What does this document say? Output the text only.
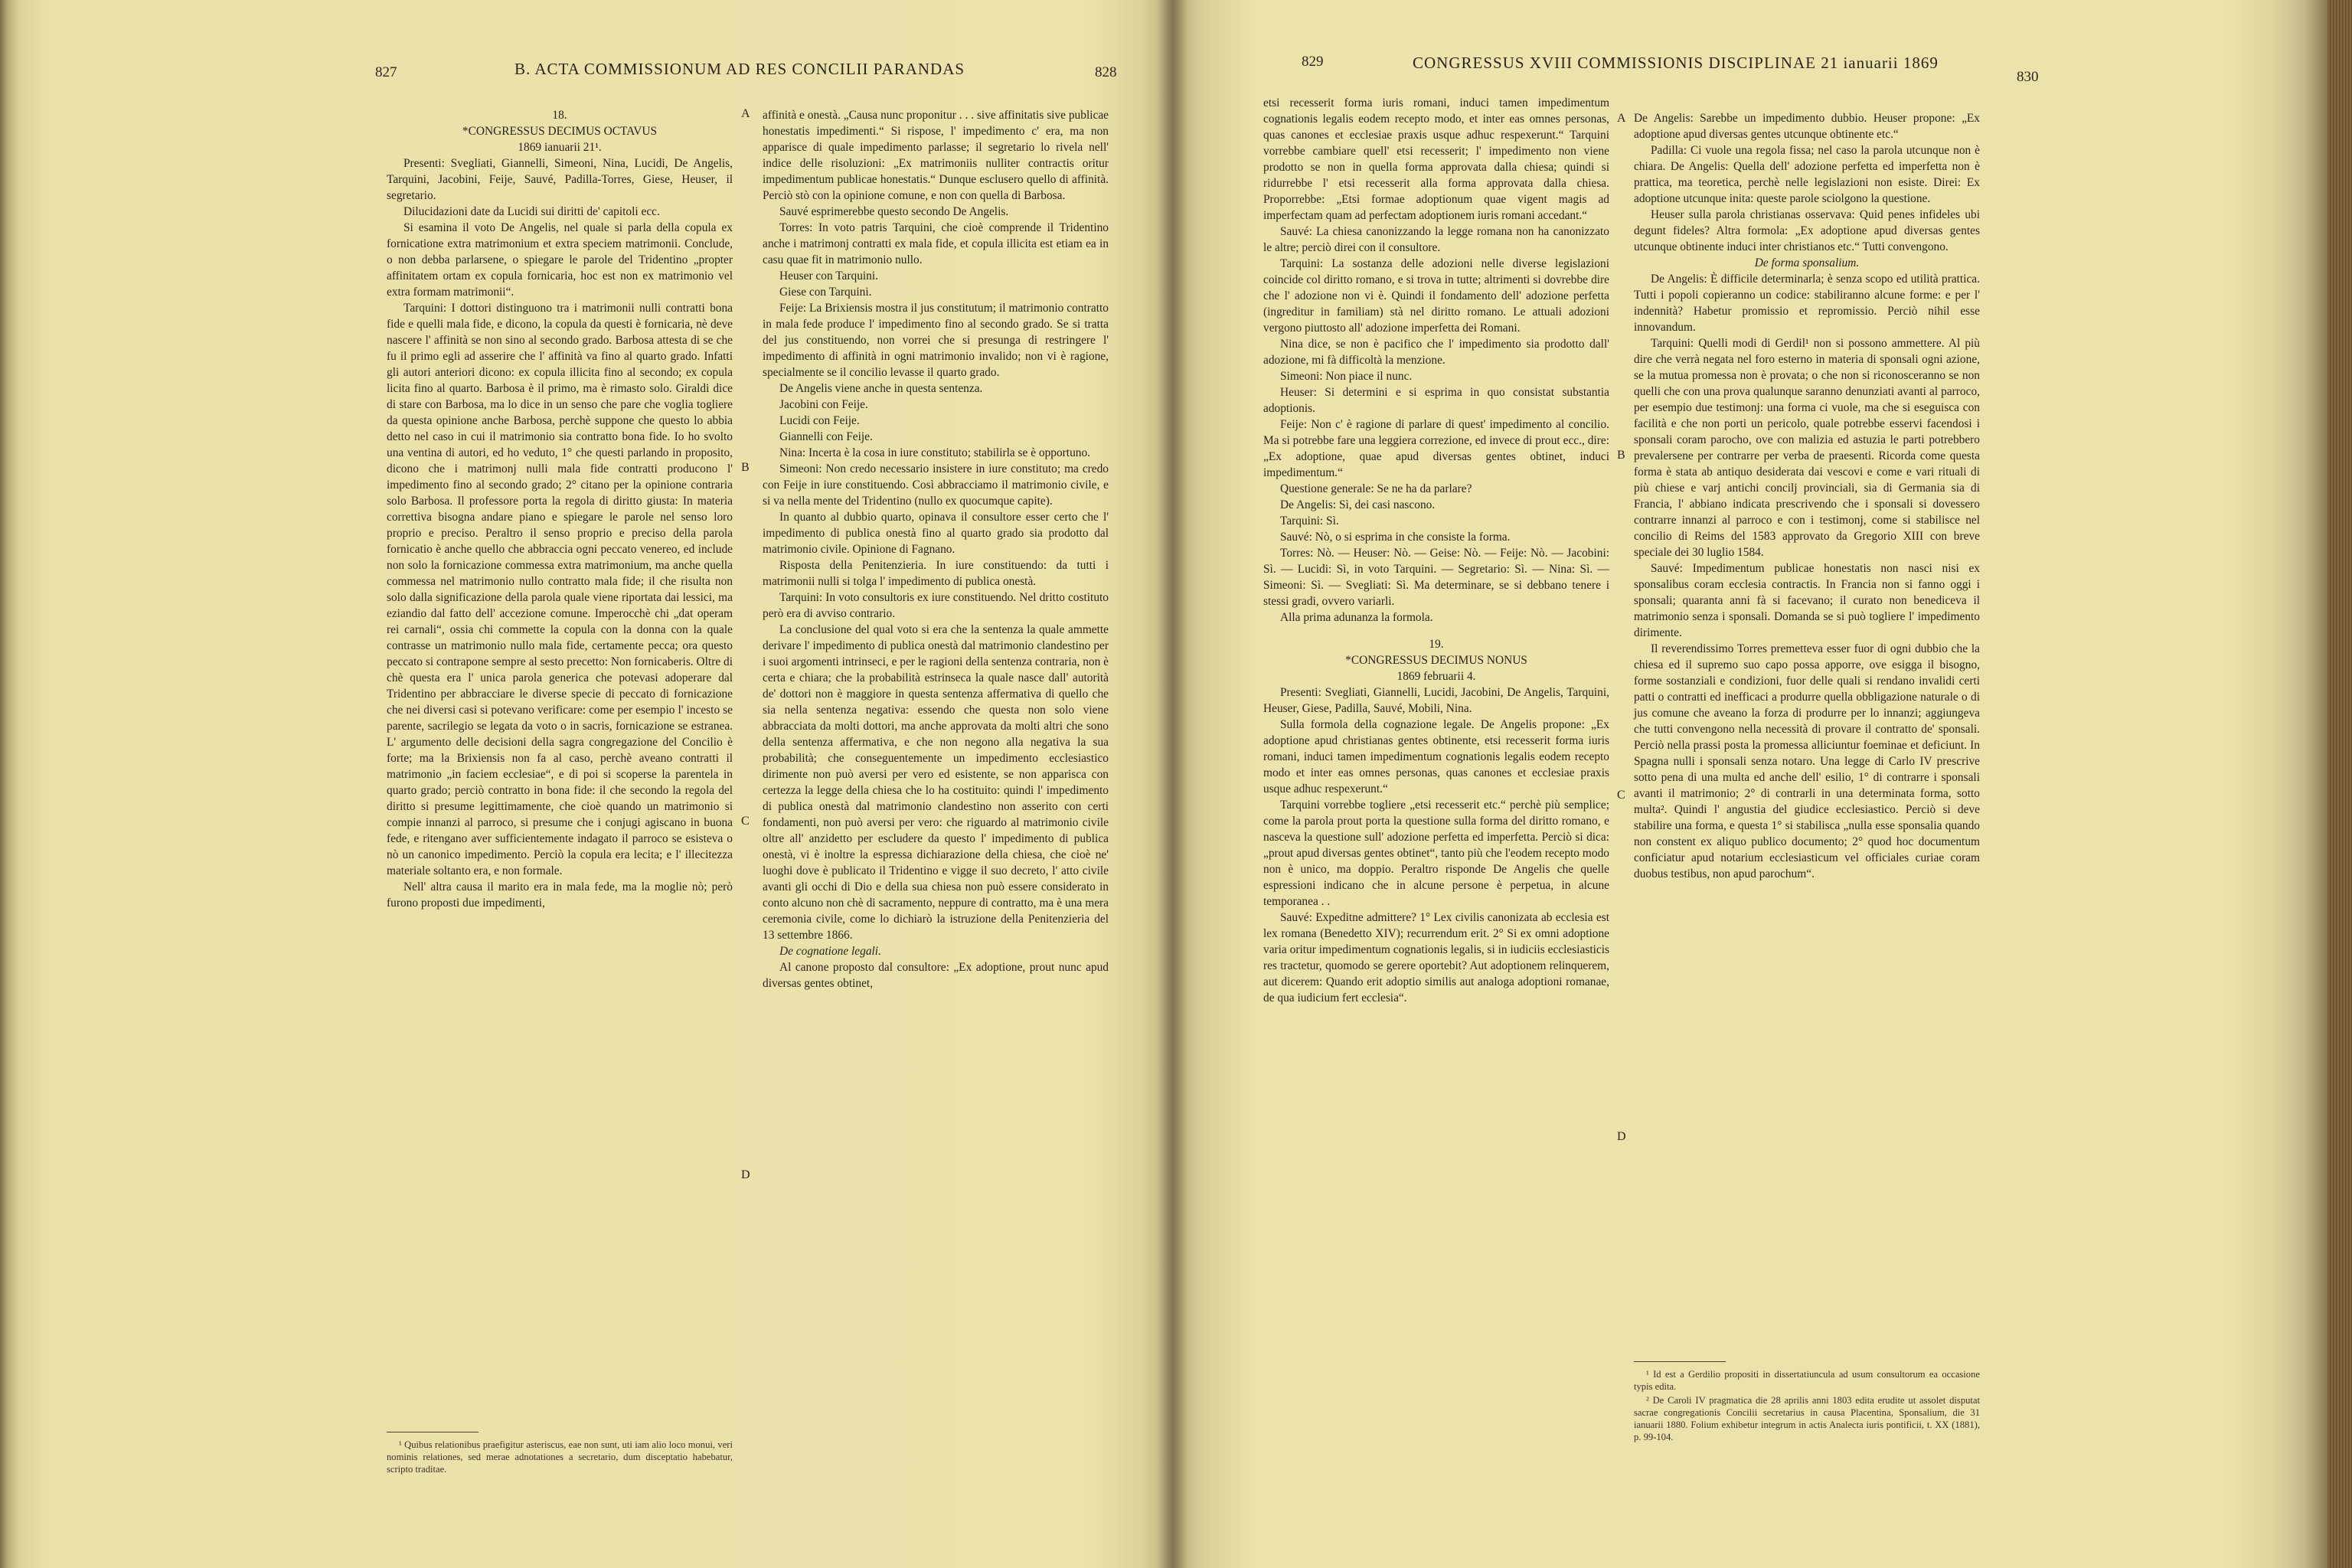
827	B. ACTA COMMISSIONUM AD RES CONCILII PARANDAS	828

18.

*CONGRESSUS DECIMUS OCTAVUS

1869 ianuarii 21¹.

Presenti: Svegliati, Giannelli, Simeoni, Nina, Lucidi, De Angelis, Tarquini, Jacobini, Feije, Sauvé, Padilla-Torres, Giese, Heuser, il segretario.

Dilucidazioni date da Lucidi sui diritti de' capitoli ecc.

Si esamina il voto De Angelis, nel quale si parla della copula ex fornicatione extra matrimonium et extra speciem matrimonii. Conclude, o non debba parlarsene, o spiegare le parole del Tridentino „propter affinitatem ortam ex copula fornicaria, hoc est non ex matrimonio vel extra formam matrimonii“.

Tarquini: I dottori distinguono tra i matrimonii nulli contratti bona fide e quelli mala fide, e dicono, la copula da questi è fornicaria, nè deve nascere l' affinità se non sino al secondo grado. Barbosa attesta di se che fu il primo egli ad asserire che l' affinità va fino al quarto grado. Infatti gli autori anteriori dicono: ex copula illicita fino al secondo; ex copula licita fino al quarto. Barbosa è il primo, ma è rimasto solo. Giraldi dice di stare con Barbosa, ma lo dice in un senso che pare che voglia togliere da questa opinione anche Barbosa, perchè suppone che questo lo abbia detto nel caso in cui il matrimonio sia contratto bona fide. Io ho svolto una ventina di autori, ed ho veduto, 1° che questi parlando in proposito, dicono che i matrimonj nulli mala fide contratti producono l' impedimento fino al secondo grado; 2° citano per la opinione contraria solo Barbosa. Il professore porta la regola di diritto giusta: In materia correttiva bisogna andare piano e spiegare le parole nel senso loro proprio e preciso. Peraltro il senso proprio e preciso della parola fornicatio è anche quello che abbraccia ogni peccato venereo, ed include non solo la fornicazione commessa extra matrimonium, ma anche quella commessa nel matrimonio nullo contratto mala fide; il che risulta non solo dalla significazione della parola quale viene riportata dai lessici, ma eziandio dal fatto dell' accezione comune. Imperocchè chi „dat operam rei carnali“, ossia chi commette la copula con la donna con la quale contrasse un matrimonio nullo mala fide, certamente pecca; ora questo peccato si contrapone sempre al sesto precetto: Non fornicaberis. Oltre di chè questa era l' unica parola generica che potevasi adoperare dal Tridentino per abbracciare le diverse specie di peccato di fornicazione che nei diversi casi si potevano verificare: come per esempio l' incesto se parente, sacrilegio se legata da voto o in sacris, fornicazione se estranea. L' argumento delle decisioni della sagra congregazione del Concilio è forte; ma la Brixiensis non fa al caso, perchè aveano contratti il matrimonio „in faciem ecclesiae“, e di poi si scoperse la parentela in quarto grado; perciò contratto in bona fide: il che secondo la regola del diritto si presume legittimamente, che cioè quando un matrimonio si compie innanzi al parroco, si presume che i conjugi agiscano in buona fede, e ritengano aver sufficientemente indagato il parroco se esisteva o nò un canonico impedimento. Perciò la copula era lecita; e l' illecitezza materiale soltanto era, e non formale.

Nell' altra causa il marito era in mala fede, ma la moglie nò; però furono proposti due impedimenti,

¹ Quibus relationibus praefigitur asteriscus, eae non sunt, uti iam alio loco monui, veri nominis relationes, sed merae adnotationes a secretario, dum disceptatio habebatur, scripto traditae.

affinità e onestà. „Causa nunc proponitur . . . sive affinitatis sive publicae honestatis impedimenti.“ Si rispose, l' impedimento c' era, ma non apparisce di quale impedimento parlasse; il segretario lo rivela nell' indice delle risoluzioni: „Ex matrimoniis nulliter contractis oritur impedimentum publicae honestatis.“ Dunque esclusero quello di affinità. Perciò stò con la opinione comune, e non con quella di Barbosa.

Sauvé esprimerebbe questo secondo De Angelis.

Torres: In voto patris Tarquini, che cioè comprende il Tridentino anche i matrimonj contratti ex mala fide, et copula illicita est etiam ea in casu quae fit in matrimonio nullo.

Heuser con Tarquini.

Giese con Tarquini.

Feije: La Brixiensis mostra il jus constitutum; il matrimonio contratto in mala fede produce l' impedimento fino al secondo grado. Se si tratta del jus constituendo, non vorrei che si presunga di restringere l' impedimento di affinità in ogni matrimonio invalido; non vi è ragione, specialmente se il concilio levasse il quarto grado.

De Angelis viene anche in questa sentenza.

Jacobini con Feije.

Lucidi con Feije.

Giannelli con Feije.

Nina: Incerta è la cosa in iure constituto; stabilirla se è opportuno.

Simeoni: Non credo necessario insistere in iure constituto; ma credo con Feije in iure constituendo. Così abbracciamo il matrimonio civile, e si va nella mente del Tridentino (nullo ex quocumque capite).

In quanto al dubbio quarto, opinava il consultore esser certo che l' impedimento di publica onestà fino al quarto grado sia prodotto dal matrimonio civile. Opinione di Fagnano.

Risposta della Penitenzieria. In iure constituendo: da tutti i matrimonii nulli si tolga l' impedimento di publica onestà.

Tarquini: In voto consultoris ex iure constituendo. Nel dritto costituto però era di avviso contrario.

La conclusione del qual voto si era che la sentenza la quale ammette derivare l' impedimento di publica onestà dal matrimonio clandestino per i suoi argomenti intrinseci, e per le ragioni della sentenza contraria, non è certa e chiara; che la probabilità estrinseca la quale nasce dall' autorità de' dottori non è maggiore in questa sentenza affermativa di quello che sia nella sentenza negativa: essendo che questa non solo viene abbracciata da molti dottori, ma anche approvata da molti altri che sono della sentenza affermativa, e che non negono alla negativa la sua probabilità; che conseguentemente un impedimento ecclesiastico dirimente non può aversi per vero ed esistente, se non apparisca con certezza la legge della chiesa che lo ha costituito: quindi l' impedimento di publica onestà dal matrimonio clandestino non asserito con certi fondamenti, non può aversi per vero: che riguardo al matrimonio civile oltre all' anzidetto per escludere da questo l' impedimento di publica onestà, vi è inoltre la espressa dichiarazione della chiesa, che cioè ne' luoghi dove è publicato il Tridentino e vigge il suo decreto, l' atto civile avanti gli occhi di Dio e della sua chiesa non può essere considerato in conto alcuno non chè di sacramento, neppure di contratto, ma è una mera ceremonia civile, come lo dichiarò la istruzione della Penitenzieria del 13 settembre 1866.

De cognatione legali.

Al canone proposto dal consultore: „Ex adoptione, prout nunc apud diversas gentes obtinet,

A
B
C
D
829	CONGRESSUS XVIII COMMISSIONIS DISCIPLINAE 21 ianuarii 1869
830

etsi recesserit forma iuris romani, induci tamen impedimentum cognationis legalis eodem recepto modo, et inter eas omnes personas, quas canones et ecclesiae praxis usque adhuc respexerunt.“ Tarquini vorrebbe cambiare quell' etsi recesserit; l' impedimento non viene prodotto se non in quella forma approvata dalla chiesa; quindi si ridurrebbe l' etsi recesserit alla forma approvata dalla chiesa. Proporrebbe: „Etsi formae adoptionum quae vigent magis ad imperfectam quam ad perfectam adoptionem iuris romani accedant.“

Sauvé: La chiesa canonizzando la legge romana non ha canonizzato le altre; perciò direi con il consultore.

Tarquini: La sostanza delle adozioni nelle diverse legislazioni coincide col diritto romano, e si trova in tutte; altrimenti si dovrebbe dire che l' adozione non vi è. Quindi il fondamento dell' adozione perfetta (ingreditur in familiam) stà nel diritto romano. Le attuali adozioni vergono piuttosto all' adozione imperfetta dei Romani.

Nina dice, se non è pacifico che l' impedimento sia prodotto dall' adozione, mi fà difficoltà la menzione.

Simeoni: Non piace il nunc.

Heuser: Si determini e si esprima in quo consistat substantia adoptionis.

Feije: Non c' è ragione di parlare di quest' impedimento al concilio. Ma si potrebbe fare una leggiera correzione, ed invece di prout ecc., dire: „Ex adoptione, quae apud diversas gentes obtinet, induci impedimentum.“

Questione generale: Se ne ha da parlare?

De Angelis: Sì, dei casi nascono.

Tarquini: Sì.

Sauvé: Nò, o si esprima in che consiste la forma.

Torres: Nò. — Heuser: Nò. — Geise: Nò. — Feije: Nò. — Jacobini: Sì. — Lucidi: Sì, in voto Tarquini. — Segretario: Sì. — Nina: Sì. — Simeoni: Sì. — Svegliati: Sì. Ma determinare, se si debbano tenere i stessi gradi, ovvero variarli.

Alla prima adunanza la formola.

19.

*CONGRESSUS DECIMUS NONUS

1869 februarii 4.

Presenti: Svegliati, Giannelli, Lucidi, Jacobini, De Angelis, Tarquini, Heuser, Giese, Padilla, Sauvé, Mobili, Nina.

Sulla formola della cognazione legale. De Angelis propone: „Ex adoptione apud christianas gentes obtinente, etsi recesserit forma iuris romani, induci tamen impedimentum cognationis legalis eodem recepto modo et inter eas omnes personas, quas canones et ecclesiae praxis usque adhuc respexerunt.“

Tarquini vorrebbe togliere „etsi recesserit etc.“ perchè più semplice; come la parola prout porta la questione sulla forma del diritto romano, e nasceva la questione sull' adozione perfetta ed imperfetta. Perciò si dica: „prout apud diversas gentes obtinet“, tanto più che l'eodem recepto modo non è unico, ma doppio. Peraltro risponde De Angelis che quelle espressioni indicano che in alcune persone è perpetua, in alcune temporanea . .

Sauvé: Expeditne admittere? 1° Lex civilis canonizata ab ecclesia est lex romana (Benedetto XIV); recurrendum erit. 2° Si ex omni adoptione varia oritur impedimentum cognationis legalis, si in iudiciis ecclesiasticis res tractetur, quomodo se gerere oportebit? Aut adoptionem relinquerem, aut dicerem: Quando erit adoptio similis aut analoga adoptioni romanae, de qua iudicium fert ecclesia“.

De Angelis: Sarebbe un impedimento dubbio. Heuser propone: „Ex adoptione apud diversas gentes utcunque obtinente etc.“

Padilla: Ci vuole una regola fissa; nel caso la parola utcunque non è chiara. De Angelis: Quella dell' adozione perfetta ed imperfetta non è prattica, ma teoretica, perchè nelle legislazioni non esiste. Direi: Ex adoptione utcunque inita: queste parole sciolgono la questione.

Heuser sulla parola christianas osservava: Quid penes infideles ubi degunt fideles? Altra formola: „Ex adoptione apud diversas gentes utcunque obtinente induci inter christianos etc.“ Tutti convengono.

De forma sponsalium.

De Angelis: È difficile determinarla; è senza scopo ed utilità prattica. Tutti i popoli copieranno un codice: stabiliranno alcune forme: e per l' indennità? Habetur promissio et repromissio. Perciò nihil esse innovandum.

Tarquini: Quelli modi di Gerdil¹ non si possono ammettere. Al più dire che verrà negata nel foro esterno in materia di sponsali ogni azione, se la mutua promessa non è provata; o che non si riconosceranno se non quelli che con una prova qualunque saranno denunziati avanti al parroco, per esempio due testimonj: una forma ci vuole, ma che si eseguisca con facilità e che non porti un pericolo, quale potrebbe esservi facendosi i sponsali coram parocho, ove con malizia ed astuzia le parti potrebbero prevalersene per contrarre per verba de praesenti. Ricorda come questa forma è stata ab antiquo desiderata dai vescovi e come e vari rituali di più chiese e varj antichi concilj provinciali, sia di Germania sia di Francia, l' abbiano indicata prescrivendo che i sponsali si dovessero contrarre innanzi al parroco e con i testimonj, come si stabilisce nel concilio di Reims del 1583 approvato da Gregorio XIII con breve speciale dei 30 luglio 1584.

Sauvé: Impedimentum publicae honestatis non nasci nisi ex sponsalibus coram ecclesia contractis. In Francia non si fanno oggi i sponsali; quaranta anni fà si facevano; il curato non benediceva il matrimonio senza i sponsali. Domanda se si può togliere l' impedimento dirimente.

Il reverendissimo Torres premetteva esser fuor di ogni dubbio che la chiesa ed il supremo suo capo possa apporre, ove esigga il bisogno, forme sostanziali e condizioni, fuor delle quali si rendano invalidi certi patti o contratti ed inefficaci a produrre quella obbligazione naturale o di jus comune che aveano la forza di produrre per lo innanzi; aggiungeva che tutti convengono nella necessità di provare il contratto de' sponsali. Perciò nella prassi posta la promessa alliciuntur foeminae et deficiunt. In Spagna nulli i sponsali senza notaro. Una legge di Carlo IV prescrive sotto pena di una multa ed anche dell' esilio, 1° di contrarre i sponsali avanti il matrimonio; 2° di contrarli in una determinata forma, sotto multa². Quindi l' angustia del giudice ecclesiastico. Perciò si deve stabilire una forma, e questa 1° si stabilisca „nulla esse sponsalia quando non constent ex aliquo publico documento; 2° quod hoc documentum conficiatur apud notarium ecclesiasticum vel officiales curiae coram duobus testibus, non apud parochum“.

¹ Id est a Gerdilio propositi in dissertatiuncula ad usum consultorum ea occasione typis edita.

² De Caroli IV pragmatica die 28 aprilis anni 1803 edita erudite ut assolet disputat sacrae congregationis Concilii secretarius in causa Placentina, Sponsalium, die 31 ianuarii 1880. Folium exhibetur integrum in actis Analecta iuris pontificii, t. XX (1881), p. 99-104.

A
B
C
D
